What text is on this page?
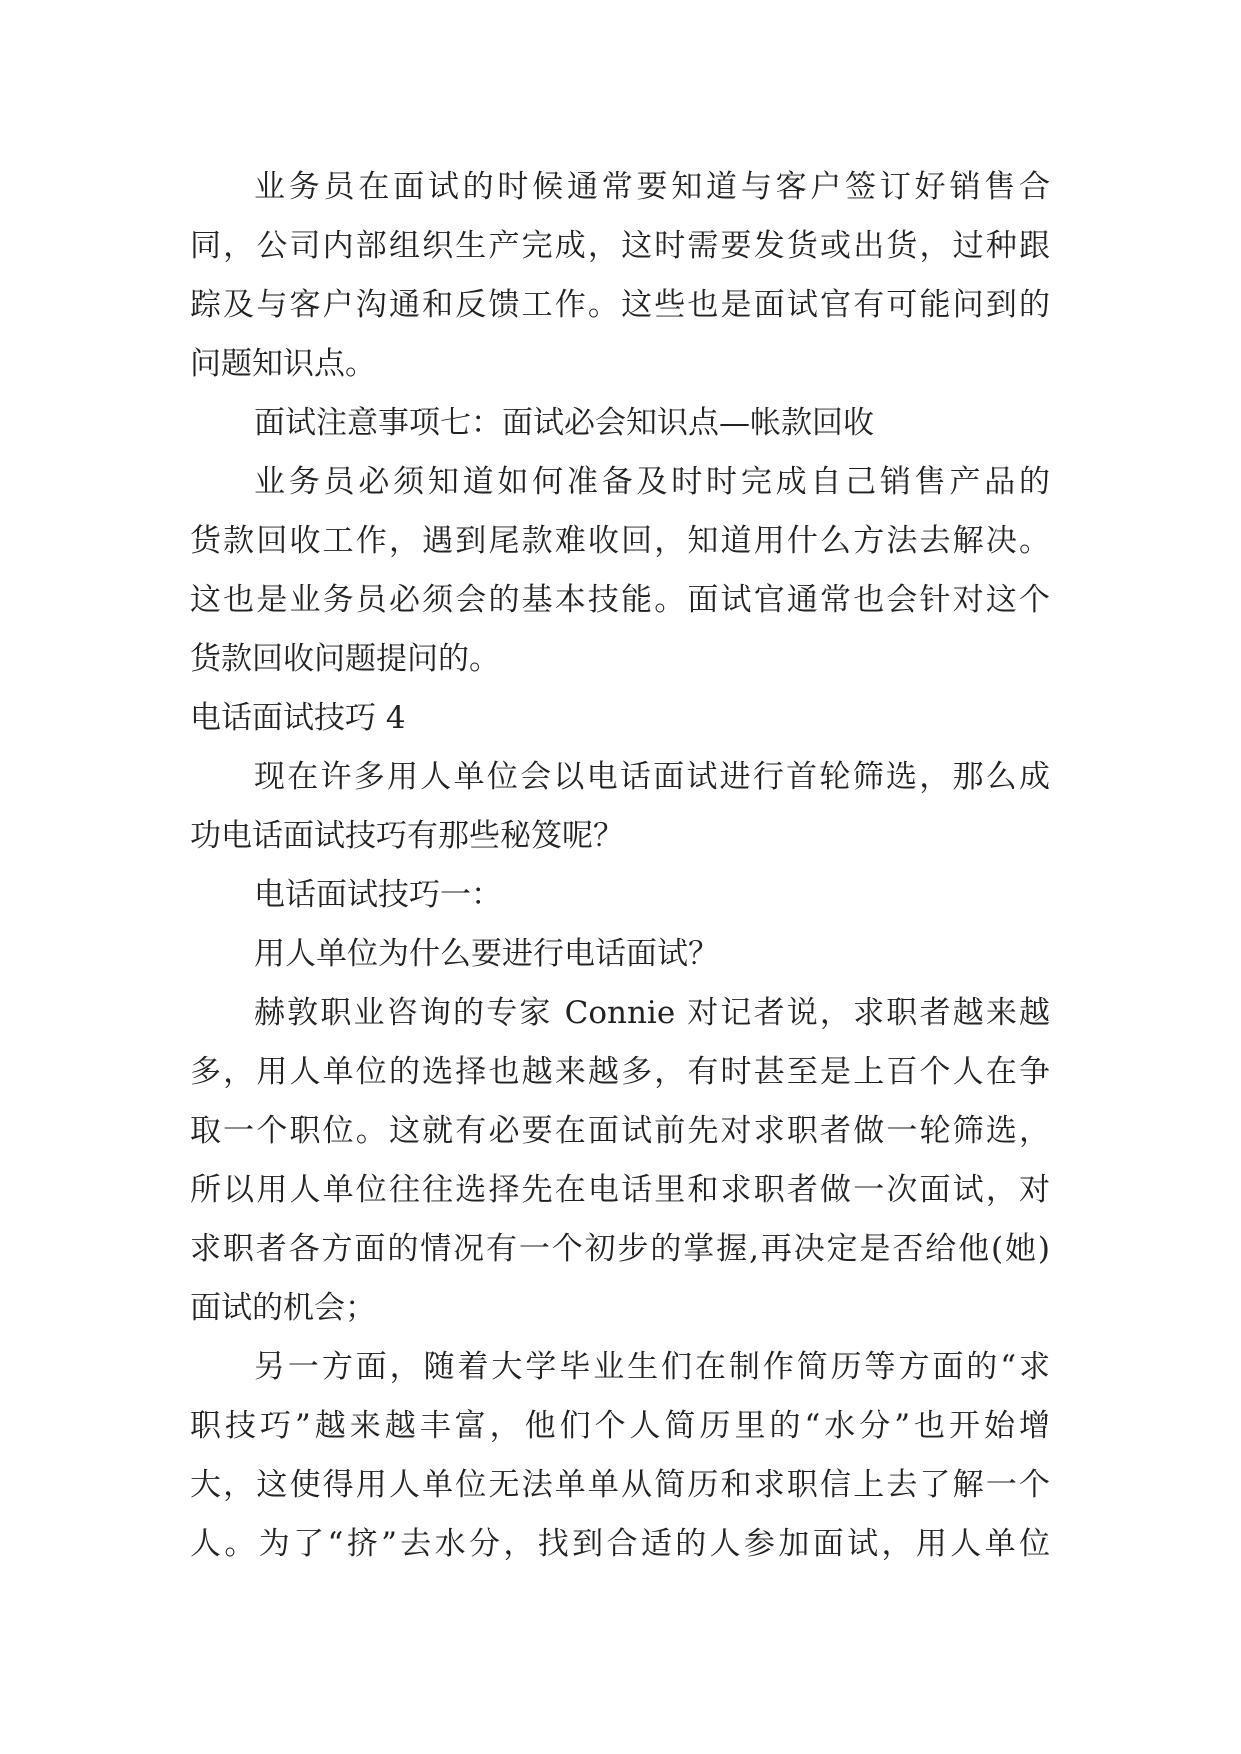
业务员在面试的时候通常要知道与客户签订好销售合
同，公司内部组织生产完成，这时需要发货或出货，过种跟
踪及与客户沟通和反馈工作。这些也是面试官有可能问到的
问题知识点。
面试注意事项七：面试必会知识点—帐款回收
业务员必须知道如何准备及时时完成自己销售产品的
货款回收工作，遇到尾款难收回，知道用什么方法去解决。
这也是业务员必须会的基本技能。面试官通常也会针对这个
货款回收问题提问的。
电话面试技巧 4
现在许多用人单位会以电话面试进行首轮筛选，那么成
功电话面试技巧有那些秘笈呢？
电话面试技巧一：
用人单位为什么要进行电话面试？
赫敦职业咨询的专家 Connie 对记者说，求职者越来越
多，用人单位的选择也越来越多，有时甚至是上百个人在争
取一个职位。这就有必要在面试前先对求职者做一轮筛选，
所以用人单位往往选择先在电话里和求职者做一次面试，对
求职者各方面的情况有一个初步的掌握,再决定是否给他(她)
面试的机会；
另一方面，随着大学毕业生们在制作简历等方面的“求
职技巧”越来越丰富，他们个人简历里的“水分”也开始增
大，这使得用人单位无法单单从简历和求职信上去了解一个
人。为了“挤”去水分，找到合适的人参加面试，用人单位
